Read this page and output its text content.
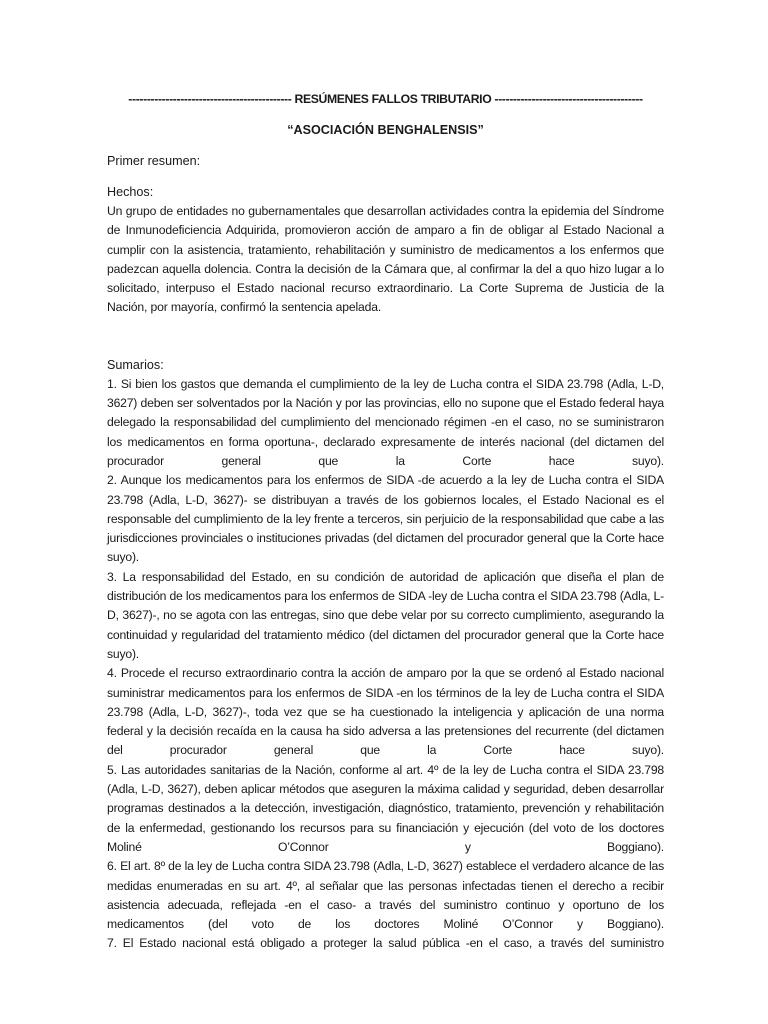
-------------------------------------------- RESÚMENES FALLOS TRIBUTARIO ----------------------------------------

“ASOCIACIÓN BENGHALENSIS”

Primer resumen:

Hechos:

Un grupo de entidades no gubernamentales que desarrollan actividades contra la epidemia del Síndrome de Inmunodeficiencia Adquirida, promovieron acción de amparo a fin de obligar al Estado Nacional a cumplir con la asistencia, tratamiento, rehabilitación y suministro de medicamentos a los enfermos que padezcan aquella dolencia. Contra la decisión de la Cámara que, al confirmar la del a quo hizo lugar a lo solicitado, interpuso el Estado nacional recurso extraordinario. La Corte Suprema de Justicia de la Nación, por mayoría, confirmó la sentencia apelada.

Sumarios:

1. Si bien los gastos que demanda el cumplimiento de la ley de Lucha contra el SIDA 23.798 (Adla, L-D, 3627) deben ser solventados por la Nación y por las provincias, ello no supone que el Estado federal haya delegado la responsabilidad del cumplimiento del mencionado régimen -en el caso, no se suministraron los medicamentos en forma oportuna-, declarado expresamente de interés nacional (del dictamen del procurador general que la Corte hace suyo).

2. Aunque los medicamentos para los enfermos de SIDA -de acuerdo a la ley de Lucha contra el SIDA 23.798 (Adla, L-D, 3627)- se distribuyan a través de los gobiernos locales, el Estado Nacional es el responsable del cumplimiento de la ley frente a terceros, sin perjuicio de la responsabilidad que cabe a las jurisdicciones provinciales o instituciones privadas (del dictamen del procurador general que la Corte hace suyo).

3. La responsabilidad del Estado, en su condición de autoridad de aplicación que diseña el plan de distribución de los medicamentos para los enfermos de SIDA -ley de Lucha contra el SIDA 23.798 (Adla, L-D, 3627)-, no se agota con las entregas, sino que debe velar por su correcto cumplimiento, asegurando la continuidad y regularidad del tratamiento médico (del dictamen del procurador general que la Corte hace suyo).

4. Procede el recurso extraordinario contra la acción de amparo por la que se ordenó al Estado nacional suministrar medicamentos para los enfermos de SIDA -en los términos de la ley de Lucha contra el SIDA 23.798 (Adla, L-D, 3627)-, toda vez que se ha cuestionado la inteligencia y aplicación de una norma federal y la decisión recaída en la causa ha sido adversa a las pretensiones del recurrente (del dictamen del procurador general que la Corte hace suyo).

5. Las autoridades sanitarias de la Nación, conforme al art. 4º de la ley de Lucha contra el SIDA 23.798 (Adla, L-D, 3627), deben aplicar métodos que aseguren la máxima calidad y seguridad, deben desarrollar programas destinados a la detección, investigación, diagnóstico, tratamiento, prevención y rehabilitación de la enfermedad, gestionando los recursos para su financiación y ejecución (del voto de los doctores Moliné O’Connor y Boggiano).

6. El art. 8º de la ley de Lucha contra SIDA 23.798 (Adla, L-D, 3627) establece el verdadero alcance de las medidas enumeradas en su art. 4º, al señalar que las personas infectadas tienen el derecho a recibir asistencia adecuada, reflejada -en el caso- a través del suministro continuo y oportuno de los medicamentos (del voto de los doctores Moliné O’Connor y Boggiano).

7. El Estado nacional está obligado a proteger la salud pública -en el caso, a través del suministro
